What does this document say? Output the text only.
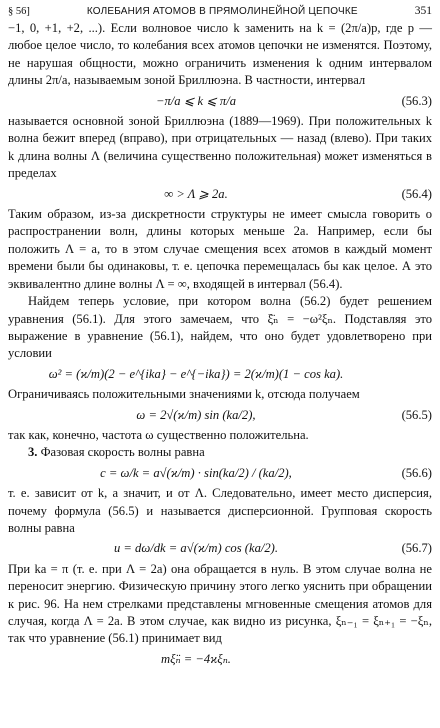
§ 56]	КОЛЕБАНИЯ АТОМОВ В ПРЯМОЛИНЕЙНОЙ ЦЕПОЧКЕ	351

−1, 0, +1, +2, ...). Если волновое число k заменить на k = (2π/a)p, где p — любое целое число, то колебания всех атомов цепочки не изменятся. Поэтому, не нарушая общности, можно ограничить изменения k одним интервалом длины 2π/a, называемым зоной Бриллюэна. В частности, интервал

−π/a ⩽ k ⩽ π/a	(56.3)

называется основной зоной Бриллюэна (1889—1969). При положительных k волна бежит вперед (вправо), при отрицательных — назад (влево). При таких k длина волны Λ (величина существенно положительная) может изменяться в пределах

∞ > Λ ⩾ 2a.	(56.4)

Таким образом, из-за дискретности структуры не имеет смысла говорить о распространении волн, длины которых меньше 2a. Например, если бы положить Λ = a, то в этом случае смещения всех атомов в каждый момент времени были бы одинаковы, т. е. цепочка перемещалась бы как целое. А это эквивалентно длине волны Λ = ∞, входящей в интервал (56.4).

Найдем теперь условие, при котором волна (56.2) будет решением уравнения (56.1). Для этого замечаем, что ξ̈ₙ = −ω²ξₙ. Подставляя это выражение в уравнение (56.1), найдем, что оно будет удовлетворено при условии

ω² = (ϰ/m)(2 − e^{ika} − e^{−ika}) = 2(ϰ/m)(1 − cos ka).

Ограничиваясь положительными значениями k, отсюда получаем

ω = 2√(ϰ/m) sin (ka/2),	(56.5)

так как, конечно, частота ω существенно положительна.

3. Фазовая скорость волны равна

c = ω/k = a√(ϰ/m) · sin(ka/2) / (ka/2),	(56.6)

т. е. зависит от k, а значит, и от Λ. Следовательно, имеет место дисперсия, почему формула (56.5) и называется дисперсионной. Групповая скорость волны равна

u = dω/dk = a√(ϰ/m) cos (ka/2).	(56.7)

При ka = π (т. е. при Λ = 2a) она обращается в нуль. В этом случае волна не переносит энергию. Физическую причину этого легко уяснить при обращении к рис. 96. На нем стрелками представлены мгновенные смещения атомов для случая, когда Λ = 2a. В этом случае, как видно из рисунка, ξₙ₋₁ = ξₙ₊₁ = −ξₙ, так что уравнение (56.1) принимает вид

mξ̈ₙ = −4ϰξₙ.
